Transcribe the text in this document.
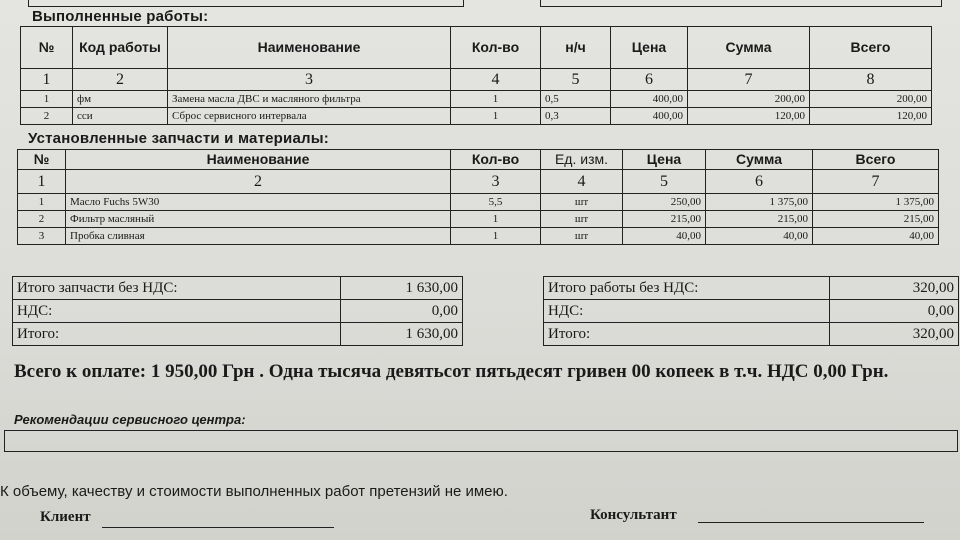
Выполненные работы:
№	Код работы	Наименование	Кол-во	н/ч	Цена	Сумма	Всего
1	2	3	4	5	6	7	8
1	фм	Замена масла ДВС и масляного фильтра	1	0,5	400,00	200,00	200,00
2	сси	Сброс сервисного интервала	1	0,3	400,00	120,00	120,00
Установленные запчасти и материалы:
№	Наименование	Кол-во	Ед. изм.	Цена	Сумма	Всего
1	2	3	4	5	6	7
1	Масло Fuchs 5W30	5,5	шт	250,00	1 375,00	1 375,00
2	Фильтр масляный	1	шт	215,00	215,00	215,00
3	Пробка сливная	1	шт	40,00	40,00	40,00
Итого запчасти без НДС:	1 630,00
НДС:	0,00
Итого:	1 630,00
Итого работы без НДС:	320,00
НДС:	0,00
Итого:	320,00
Всего к оплате: 1 950,00 Грн . Одна тысяча девятьсот пятьдесят гривен 00 копеек в т.ч. НДС 0,00 Грн.
Рекомендации сервисного центра:
К объему, качеству и стоимости выполненных работ претензий не имею.
Клиент	Консультант
